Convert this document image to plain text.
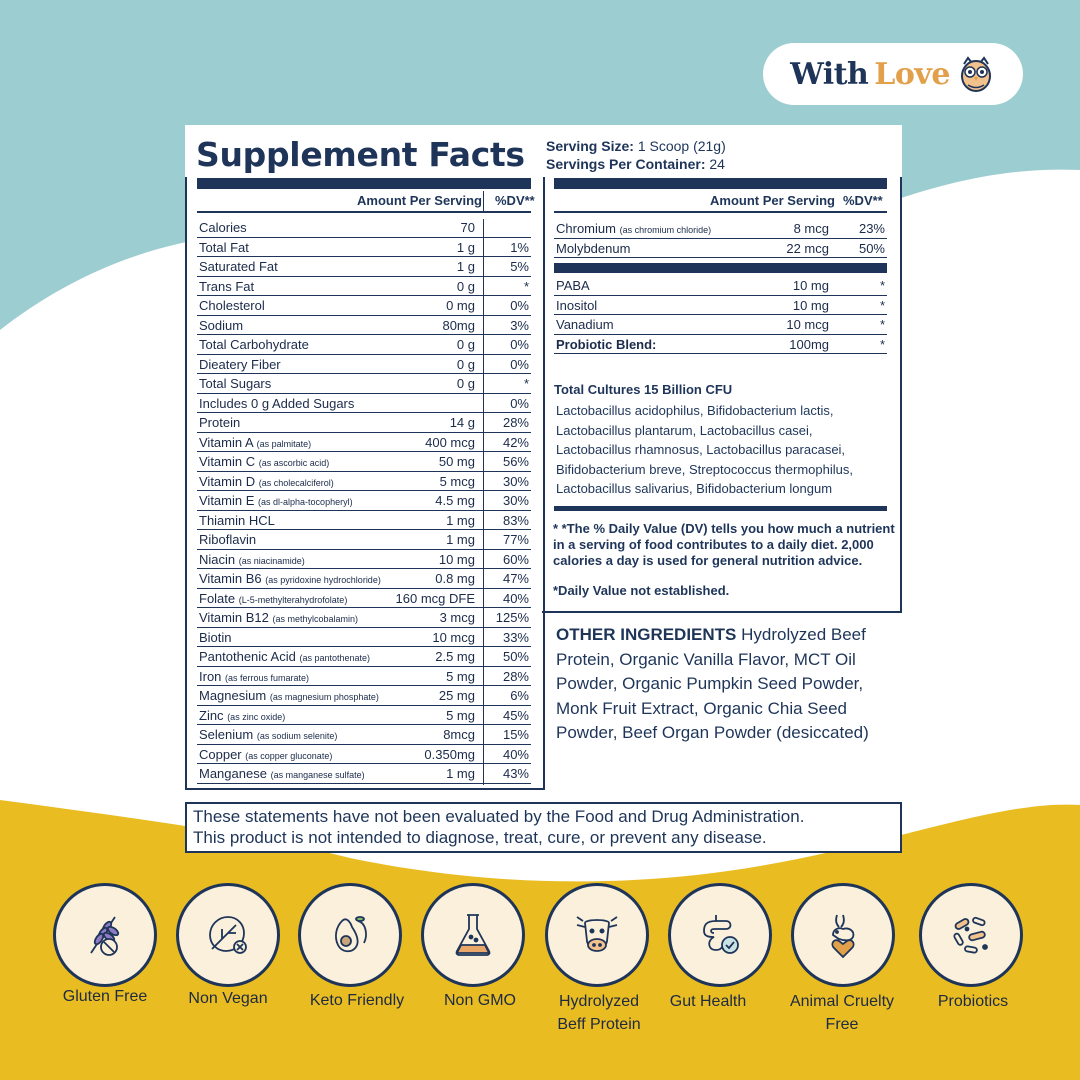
With Love
Supplement Facts Serving Size: 1 Scoop (21g)
Servings Per Container: 24
Amount Per Serving %DV**	Amount Per Serving %DV**
Calories	70
Total Fat	1 g	1%
Saturated Fat	1 g	5%
Trans Fat	0 g	*
Cholesterol	0 mg	0%
Sodium	80mg	3%
Total Carbohydrate	0 g	0%
Dieatery Fiber	0 g	0%
Total Sugars	0 g	*
Includes 0 g Added Sugars	0%
Protein	14 g 28%
Vitamin A (as palmitate)	400 mcg 42%
Vitamin C (as ascorbic acid)	50 mg 56%
Vitamin D (as cholecalciferol)	5 mcg 30%
Vitamin E (as dl-alpha-tocopheryl)	4.5 mg 30%
Thiamin HCL	1 mg 83%
Riboflavin	1 mg 77%
Niacin (as niacinamide)	10 mg 60%
Vitamin B6 (as pyridoxine hydrochloride)	0.8 mg 47%
Folate (L-5-methylterahydrofolate)	160 mcg DFE 40%
Vitamin B12 (as methylcobalamin)	3 mcg 125%
Biotin	10 mcg 33%
Pantothenic Acid (as pantothenate)	2.5 mg 50%
Iron (as ferrous fumarate)	5 mg 28%
Magnesium (as magnesium phosphate)	25 mg	6%
Zinc (as zinc oxide)	5 mg 45%
Selenium (as sodium selenite)	8mcg 15%
Copper (as copper gluconate)	0.350mg 40%
Manganese (as manganese sulfate)	1 mg 43%
Chromium (as chromium chloride)	8 mcg 23%
Molybdenum	22 mcg 50%
PABA	10 mg	*
Inositol	10 mg	*
Vanadium	10 mcg	*
Probiotic Blend:	100mg	*
Total Cultures 15 Billion CFU
Lactobacillus acidophilus, Bifidobacterium lactis, Lactobacillus plantarum, Lactobacillus casei, Lactobacillus rhamnosus, Lactobacillus paracasei, Bifidobacterium breve, Streptococcus thermophilus, Lactobacillus salivarius, Bifidobacterium longum
* *The % Daily Value (DV) tells you how much a nutrient in a serving of food contributes to a daily diet. 2,000 calories a day is used for general nutrition advice.
*Daily Value not established.
OTHER INGREDIENTS Hydrolyzed Beef Protein, Organic Vanilla Flavor, MCT Oil Powder, Organic Pumpkin Seed Powder, Monk Fruit Extract, Organic Chia Seed Powder, Beef Organ Powder (desiccated)
These statements have not been evaluated by the Food and Drug Administration.
This product is not intended to diagnose, treat, cure, or prevent any disease.
Gluten Free	Non Vegan	Keto Friendly	Non GMO	Hydrolyzed
Beff Protein
Gut Health	Animal Cruelty
Free
Probiotics
